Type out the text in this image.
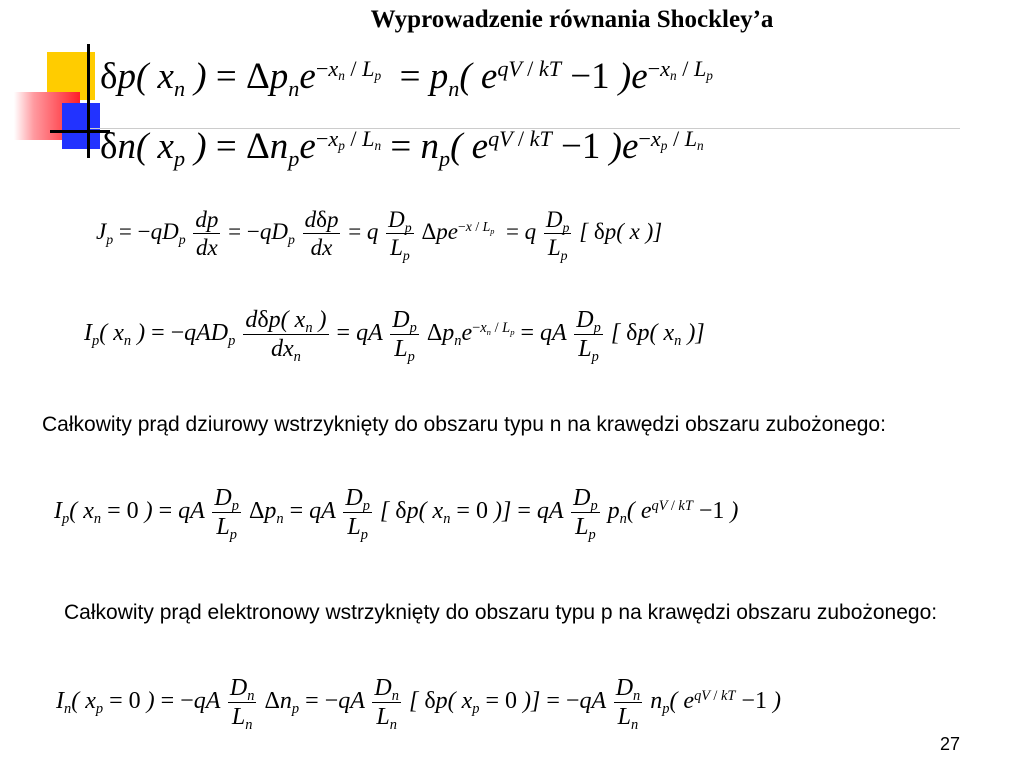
Wyprowadzenie równania Shockley’a
δp( $x_n$ ) = $\Delta p_ne^{-x_n / L_p} = p_n$( $e^{qV / kT} -1$ )$e^{-x_n / L_p}$
δn( $x_p$ ) = $\Delta n_pe^{-x_p / L_n} = n_p$( $e^{qV / kT} -1$ )$e^{-x_p / L_n}$
$J_p = -qD_p \frac{dp}{dx} = -qD_p \frac{\text{dδp}}{dx} = q \frac{D_p}{L_p} \Delta pe^{-x / L_p} = q \frac{D_p}{L_p}$ [ δp( x )]
$I_p$( $x_n$ ) = $-qAD_p \frac{d\delta p( x_n )}{dx_n}$ = qA $\frac{D_p}{L_p} \Delta p_ne^{-x_n / L_p}$ = qA $\frac{D_p}{L_p}$ [ δp( $x_n$ )]
Całkowity prąd dziurowy wstrzyknięty do obszaru typu n na krawędzi obszaru zubożonego:
$I_p$( $x_n = 0$ ) = qA $\frac{D_p}{L_p} \Delta p_n$ = qA $\frac{D_p}{L_p}$ [ δp( $x_n = 0$ )] = qA $\frac{D_p}{L_p} p_n$( $e^{qV / kT} -1$ )
Całkowity prąd elektronowy wstrzyknięty do obszaru typu p na krawędzi obszaru zubożonego:
$I_n$( $x_p = 0$ ) = $-qA \frac{D_n}{L_n} \Delta n_p = -qA \frac{D_n}{L_n}$ [ δp( $x_p = 0$ )] = $-qA \frac{D_n}{L_n} n_p$( $e^{qV / kT} -1$ )
27
